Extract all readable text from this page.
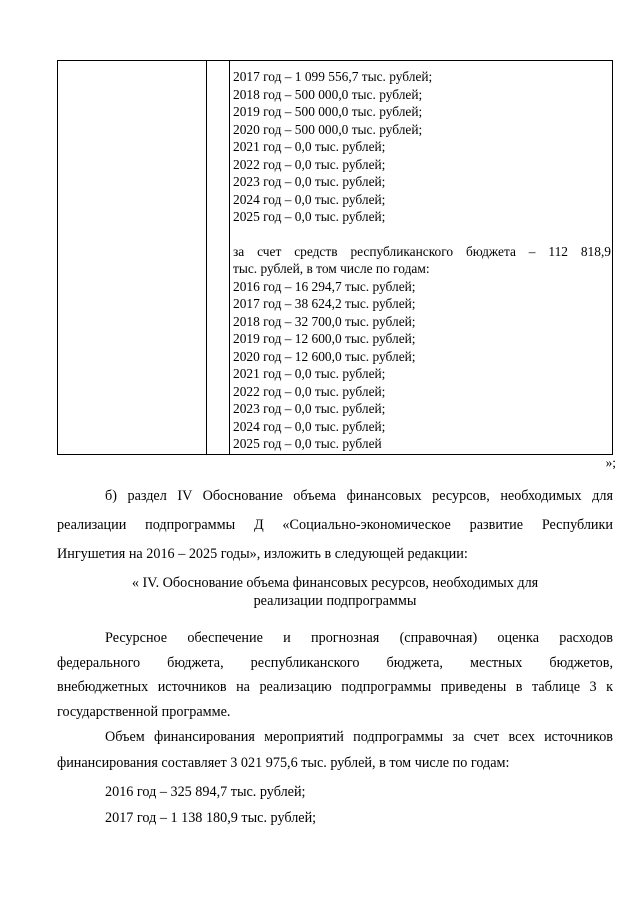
2017 год – 1 099 556,7 тыс. рублей;
2018 год – 500 000,0 тыс. рублей;
2019 год – 500 000,0 тыс. рублей;
2020 год – 500 000,0 тыс. рублей;
2021 год – 0,0 тыс. рублей;
2022 год – 0,0 тыс. рублей;
2023 год – 0,0 тыс. рублей;
2024 год – 0,0 тыс. рублей;
2025 год – 0,0 тыс. рублей;
за счет средств республиканского бюджета – 112 818,9
тыс. рублей, в том числе по годам:
2016 год – 16 294,7 тыс. рублей;
2017 год – 38 624,2 тыс. рублей;
2018 год – 32 700,0 тыс. рублей;
2019 год – 12 600,0 тыс. рублей;
2020 год – 12 600,0 тыс. рублей;
2021 год – 0,0 тыс. рублей;
2022 год – 0,0 тыс. рублей;
2023 год – 0,0 тыс. рублей;
2024 год – 0,0 тыс. рублей;
2025 год – 0,0 тыс. рублей
»;
б) раздел IV Обоснование объема финансовых ресурсов, необходимых для
реализации подпрограммы Д «Социально-экономическое развитие Республики
Ингушетия на 2016 – 2025 годы», изложить в следующей редакции:
« IV. Обоснование объема финансовых ресурсов, необходимых для
реализации подпрограммы
Ресурсное обеспечение и прогнозная (справочная) оценка расходов
федерального бюджета, республиканского бюджета, местных бюджетов,
внебюджетных источников на реализацию подпрограммы приведены в таблице 3 к
государственной программе.
Объем финансирования мероприятий подпрограммы за счет всех источников
финансирования составляет 3 021 975,6 тыс. рублей, в том числе по годам:
2016 год – 325 894,7 тыс. рублей;
2017 год – 1 138 180,9 тыс. рублей;
